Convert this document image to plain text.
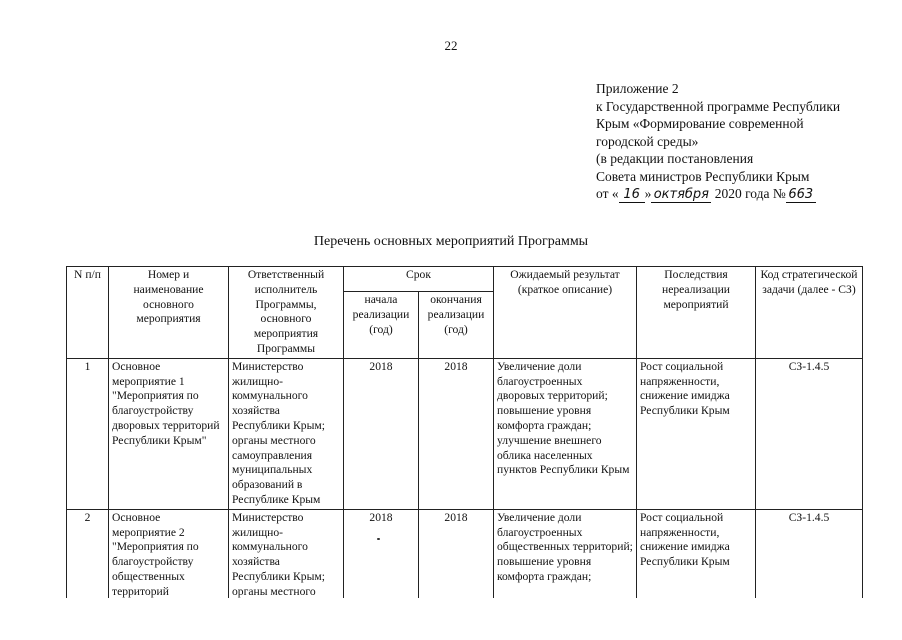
22
Приложение 2
к Государственной программе Республики
Крым «Формирование современной
городской среды»
(в редакции постановления
Совета министров Республики Крым
от « 16 » октября 2020 года № 663
Перечень основных мероприятий Программы
N п/п	Номер и наименование основного мероприятия	Ответственный исполнитель Программы, основного мероприятия Программы	Срок		Ожидаемый результат (краткое описание)	Последствия нереализации мероприятий	Код стратегической задачи (далее - СЗ)
			начала реализации (год)	окончания реализации (год)			
1	Основное мероприятие 1 "Мероприятия по благоустройству дворовых территорий Республики Крым"	Министерство жилищно-коммунального хозяйства Республики Крым; органы местного самоуправления муниципальных образований в Республике Крым	2018	2018	Увеличение доли благоустроенных дворовых территорий; повышение уровня комфорта граждан; улучшение внешнего облика населенных пунктов Республики Крым	Рост социальной напряженности, снижение имиджа Республики Крым	СЗ-1.4.5
2	Основное мероприятие 2 "Мероприятия по благоустройству общественных территорий	Министерство жилищно-коммунального хозяйства Республики Крым; органы местного	2018	2018	Увеличение доли благоустроенных общественных территорий; повышение уровня комфорта граждан;	Рост социальной напряженности, снижение имиджа Республики Крым	СЗ-1.4.5
